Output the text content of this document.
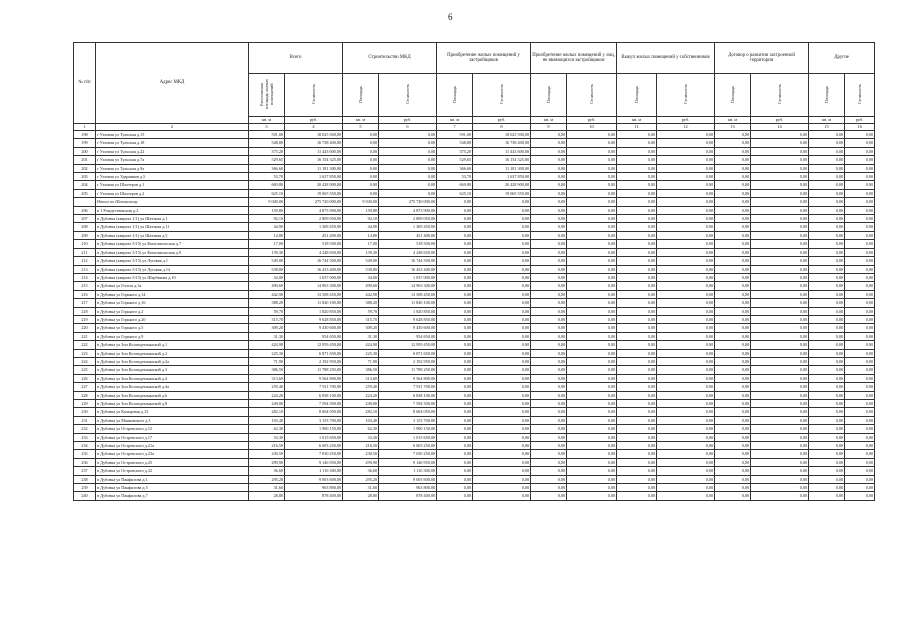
6
№ п/п	Адрес МКД	Всего		Строительство МКД		Приобретение жилых помещений у застройщиков		Приобретение жилых помещений у лиц, не являющихся застройщиком		Выкуп жилых помещений у собственников		Договор о развитии застроенной территории		Другие	
		Расселяемая площадь жилых помещений	Стоимость	Площадь	Стоимость	Площадь	Стоимость	Площадь	Стоимость	Площадь	Стоимость	Площадь	Стоимость	Площадь	Стоимость
		кв. м	руб.	кв. м	руб.	кв. м	руб.	кв. м	руб.	кв. м	руб.	кв. м	руб.	кв. м	руб.
1	2	3	4	5	6	7	8	9	10	11	12	13	14	15	16
198	г Узловая ул Тульская д.15	591,00	18 025 500,00	0,00	0,00	591,00	18 025 500,00	0,00	0,00	0,00	0,00	0,00	0,00	0,00	0,00
199	г Узловая ул Тульская д.18	548,80	16 738 400,00	0,00	0,00	548,80	16 738 400,00	0,00	0,00	0,00	0,00	0,00	0,00	0,00	0,00
200	г Узловая ул Тульская д.22	375,20	11 443 600,00	0,00	0,00	375,20	11 443 600,00	0,00	0,00	0,00	0,00	0,00	0,00	0,00	0,00
201	г Узловая ул Тульская д.7а	529,65	16 154 325,00	0,00	0,00	529,65	16 154 325,00	0,00	0,00	0,00	0,00	0,00	0,00	0,00	0,00
202	г Узловая ул Тульская д.9а	366,60	11 181 300,00	0,00	0,00	366,60	11 181 300,00	0,00	0,00	0,00	0,00	0,00	0,00	0,00	0,00
203	г Узловая ул Ударников д.5	53,70	1 637 850,00	0,00	0,00	53,70	1 637 850,00	0,00	0,00	0,00	0,00	0,00	0,00	0,00	0,00
204	г Узловая ул Шахтеров д.1	669,80	20 428 900,00	0,00	0,00	669,80	20 428 900,00	0,00	0,00	0,00	0,00	0,00	0,00	0,00	0,00
205	г Узловая ул Шахтеров д.2	625,10	19 065 550,00	0,00	0,00	625,10	19 065 550,00	0,00	0,00	0,00	0,00	0,00	0,00	0,00	0,00
	Итого по Шекинскому	9 040,00	275 720 000,00	9 040,00	275 720 000,00	0,00	0,00	0,00	0,00	0,00	0,00	0,00	0,00	0,00	0,00
206	п 1 Рождественская д.2	159,80	4 873 900,00	159,80	4 873 900,00	0,00	0,00	0,00	0,00	0,00	0,00	0,00	0,00	0,00	0,00
207	п Дубовка (квартал 1/1) ул Шахтная д.1	92,10	2 809 050,00	92,10	2 809 050,00	0,00	0,00	0,00	0,00	0,00	0,00	0,00	0,00	0,00	0,00
208	п Дубовка (квартал 1/1) ул Шахтная д.11	44,90	1 369 450,00	44,90	1 369 450,00	0,00	0,00	0,00	0,00	0,00	0,00	0,00	0,00	0,00	0,00
209	п Дубовка (квартал 1/1) ул Шахтная д.5	14,80	451 400,00	14,80	451 400,00	0,00	0,00	0,00	0,00	0,00	0,00	0,00	0,00	0,00	0,00
210	п Дубовка (квартал 5/15) ул Комсомольская д.7	17,00	518 500,00	17,00	518 500,00	0,00	0,00	0,00	0,00	0,00	0,00	0,00	0,00	0,00	0,00
211	п Дубовка (квартал 5/15) ул Комсомольская д.9	139,30	4 248 650,00	139,30	4 248 650,00	0,00	0,00	0,00	0,00	0,00	0,00	0,00	0,00	0,00	0,00
212	п Дубовка (квартал 5/15) ул Луговая д.1	549,00	16 744 500,00	549,00	16 744 500,00	0,00	0,00	0,00	0,00	0,00	0,00	0,00	0,00	0,00	0,00
213	п Дубовка (квартал 5/15) ул Луговая д.14	538,80	16 433 400,00	538,80	16 433 400,00	0,00	0,00	0,00	0,00	0,00	0,00	0,00	0,00	0,00	0,00
214	п Дубовка (квартал 5/15) ул Шербакова д.10	34,00	1 037 000,00	34,00	1 037 000,00	0,00	0,00	0,00	0,00	0,00	0,00	0,00	0,00	0,00	0,00
215	п Дубовка ул Гоголя д.3а	490,60	14 963 300,00	490,60	14 963 300,00	0,00	0,00	0,00	0,00	0,00	0,00	0,00	0,00	0,00	0,00
216	п Дубовка ул Горького д.14	442,90	13 508 450,00	442,90	13 508 450,00	0,00	0,00	0,00	0,00	0,00	0,00	0,00	0,00	0,00	0,00
217	п Дубовка ул Горького д.16	388,20	11 840 100,00	388,20	11 840 100,00	0,00	0,00	0,00	0,00	0,00	0,00	0,00	0,00	0,00	0,00
218	п Дубовка ул Горького д.2	59,70	1 820 850,00	59,70	1 820 850,00	0,00	0,00	0,00	0,00	0,00	0,00	0,00	0,00	0,00	0,00
219	п Дубовка ул Горького д.20	315,70	9 628 850,00	315,70	9 628 850,00	0,00	0,00	0,00	0,00	0,00	0,00	0,00	0,00	0,00	0,00
220	п Дубовка ул Горького д.5	309,20	9 430 600,00	309,20	9 430 600,00	0,00	0,00	0,00	0,00	0,00	0,00	0,00	0,00	0,00	0,00
221	п Дубовка ул Горького д.9	31,30	954 650,00	31,30	954 650,00	0,00	0,00	0,00	0,00	0,00	0,00	0,00	0,00	0,00	0,00
222	п Дубовка ул Зои Космодемьянской д.1	424,90	12 959 450,00	424,90	12 959 450,00	0,00	0,00	0,00	0,00	0,00	0,00	0,00	0,00	0,00	0,00
223	п Дубовка ул Зои Космодемьянской д.2	225,30	6 871 650,00	225,30	6 871 650,00	0,00	0,00	0,00	0,00	0,00	0,00	0,00	0,00	0,00	0,00
224	п Дубовка ул Зои Космодемьянской д.2а	71,90	2 192 950,00	71,90	2 192 950,00	0,00	0,00	0,00	0,00	0,00	0,00	0,00	0,00	0,00	0,00
225	п Дубовка ул Зои Космодемьянской д.3	386,50	11 788 250,00	386,50	11 788 250,00	0,00	0,00	0,00	0,00	0,00	0,00	0,00	0,00	0,00	0,00
226	п Дубовка ул Зои Космодемьянской д.4	313,60	9 564 800,00	313,60	9 564 800,00	0,00	0,00	0,00	0,00	0,00	0,00	0,00	0,00	0,00	0,00
227	п Дубовка ул Зои Космодемьянской д.4а	259,40	7 911 700,00	259,40	7 911 700,00	0,00	0,00	0,00	0,00	0,00	0,00	0,00	0,00	0,00	0,00
228	п Дубовка ул Зои Космодемьянской д.6	224,20	6 838 100,00	224,20	6 838 100,00	0,00	0,00	0,00	0,00	0,00	0,00	0,00	0,00	0,00	0,00
229	п Дубовка ул Зои Космодемьянской д.8	249,00	7 594 500,00	249,00	7 594 500,00	0,00	0,00	0,00	0,00	0,00	0,00	0,00	0,00	0,00	0,00
230	п Дубовка ул Кольцевая д.13	282,10	8 604 050,00	282,10	8 604 050,00	0,00	0,00	0,00	0,00	0,00	0,00	0,00	0,00	0,00	0,00
231	п Дубовка ул Маяковского д.3	103,40	3 153 700,00	103,40	3 153 700,00	0,00	0,00	0,00	0,00	0,00	0,00	0,00	0,00	0,00	0,00
232	п Дубовка ул Островского д.12	62,30	1 900 150,00	62,30	1 900 150,00	0,00	0,00	0,00	0,00	0,00	0,00	0,00	0,00	0,00	0,00
233	п Дубовка ул Островского д.17	33,30	1 015 650,00	33,30	1 015 650,00	0,00	0,00	0,00	0,00	0,00	0,00	0,00	0,00	0,00	0,00
234	п Дубовка ул Островского д.21а	216,50	6 603 250,00	216,50	6 603 250,00	0,00	0,00	0,00	0,00	0,00	0,00	0,00	0,00	0,00	0,00
235	п Дубовка ул Островского д.23а	230,50	7 030 250,00	230,50	7 030 250,00	0,00	0,00	0,00	0,00	0,00	0,00	0,00	0,00	0,00	0,00
236	п Дубовка ул Островского д.25	299,90	9 146 950,00	299,90	9 146 950,00	0,00	0,00	0,00	0,00	0,00	0,00	0,00	0,00	0,00	0,00
237	п Дубовка ул Островского д.32	36,60	1 116 300,00	36,60	1 116 300,00	0,00	0,00	0,00	0,00	0,00	0,00	0,00	0,00	0,00	0,00
238	п Дубовка ул Панфилова д.1	295,20	9 003 600,00	295,20	9 003 600,00	0,00	0,00	0,00	0,00	0,00	0,00	0,00	0,00	0,00	0,00
239	п Дубовка ул Панфилова д.5	31,60	963 800,00	31,60	963 800,00	0,00	0,00	0,00	0,00	0,00	0,00	0,00	0,00	0,00	0,00
240	п Дубовка ул Панфилова д.7	28,80	878 400,00	28,80	878 400,00	0,00	0,00	0,00	0,00	0,00	0,00	0,00	0,00	0,00	0,00
